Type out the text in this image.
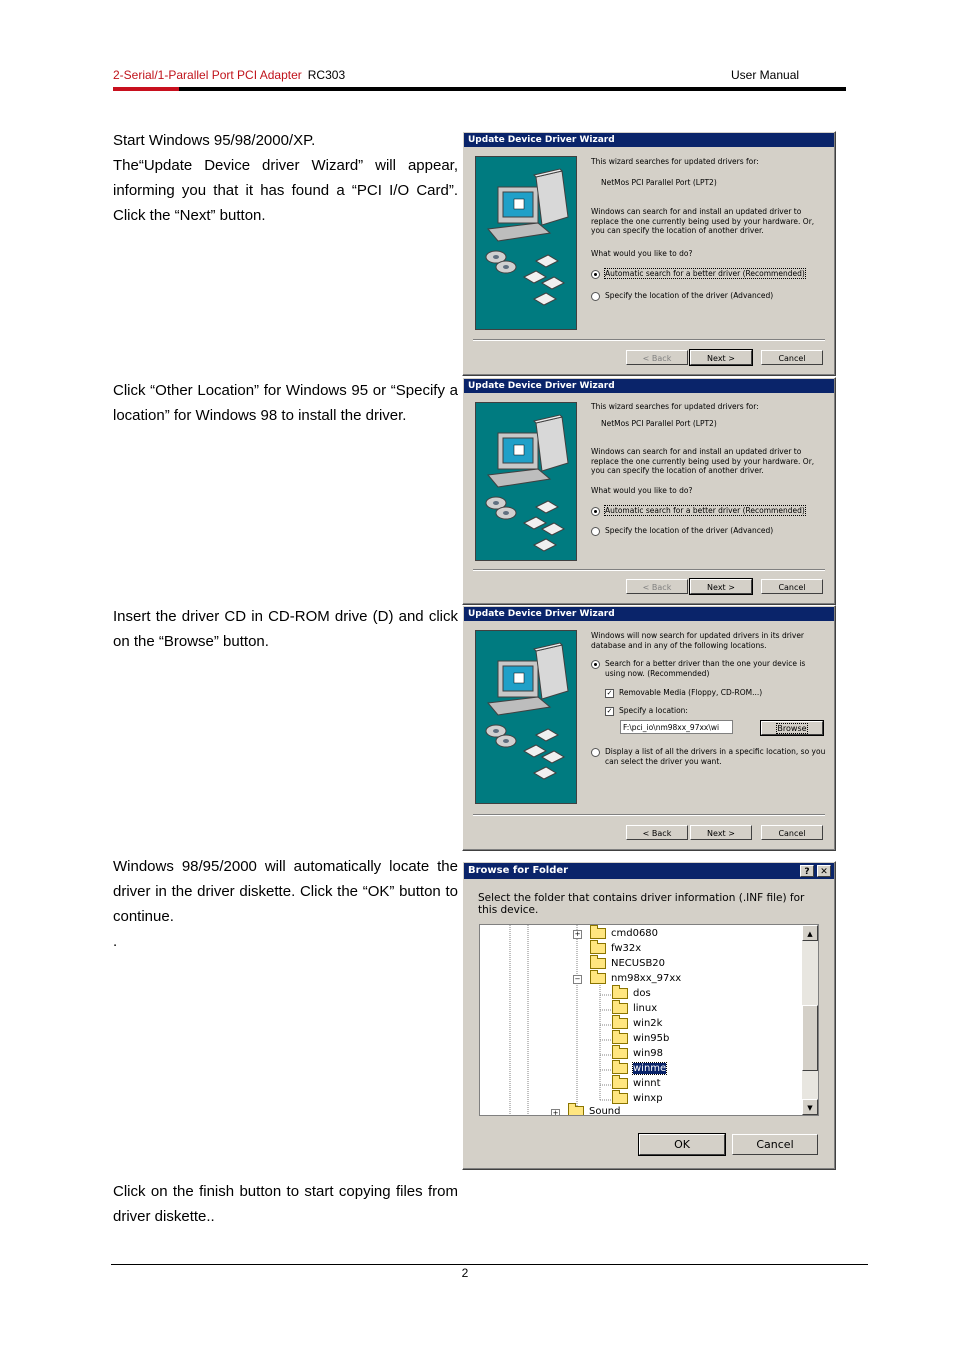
2-Serial/1-Parallel Port PCI Adapter RC303	User Manual
Start Windows 95/98/2000/XP.
The“Update Device driver Wizard” will appear, informing you that it has found a “PCI I/O Card”. Click the “Next” button.
Click “Other Location” for Windows 95 or “Specify a location” for Windows 98 to install the driver.
Insert the driver CD in CD-ROM drive (D) and click on the “Browse” button.
Windows 98/95/2000 will automatically locate the driver in the driver diskette. Click the “OK” button to continue.
.
Click on the finish button to start copying files from driver diskette..
Update Device Driver Wizard
This wizard searches for updated drivers for:
NetMos PCI Parallel Port (LPT2)
Windows can search for and install an updated driver to replace the one currently being used by your hardware. Or, you can specify the location of another driver.
What would you like to do?
Automatic search for a better driver (Recommended)
Specify the location of the driver (Advanced)
< Back	Next >	Cancel
Update Device Driver Wizard
This wizard searches for updated drivers for:
NetMos PCI Parallel Port (LPT2)
Windows can search for and install an updated driver to replace the one currently being used by your hardware. Or, you can specify the location of another driver.
What would you like to do?
Automatic search for a better driver (Recommended)
Specify the location of the driver (Advanced)
< Back	Next >	Cancel
Update Device Driver Wizard
Windows will now search for updated drivers in its driver database and in any of the following locations.
Search for a better driver than the one your device is using now. (Recommended)
✓ Removable Media (Floppy, CD-ROM...)
✓ Specify a location:
F:\pci_io\nm98xx_97xx\wi	Browse
Display a list of all the drivers in a specific location, so you can select the driver you want.
< Back	Next >	Cancel
Browse for Folder	?	✕
Select the folder that contains driver information (.INF file) for this device.
+
−
+
cmd0680
fw32x
NECUSB20
nm98xx_97xx
dos
linux
win2k
win95b
win98
winme
winnt
winxp
Sound
▲
▼
OK	Cancel
2
